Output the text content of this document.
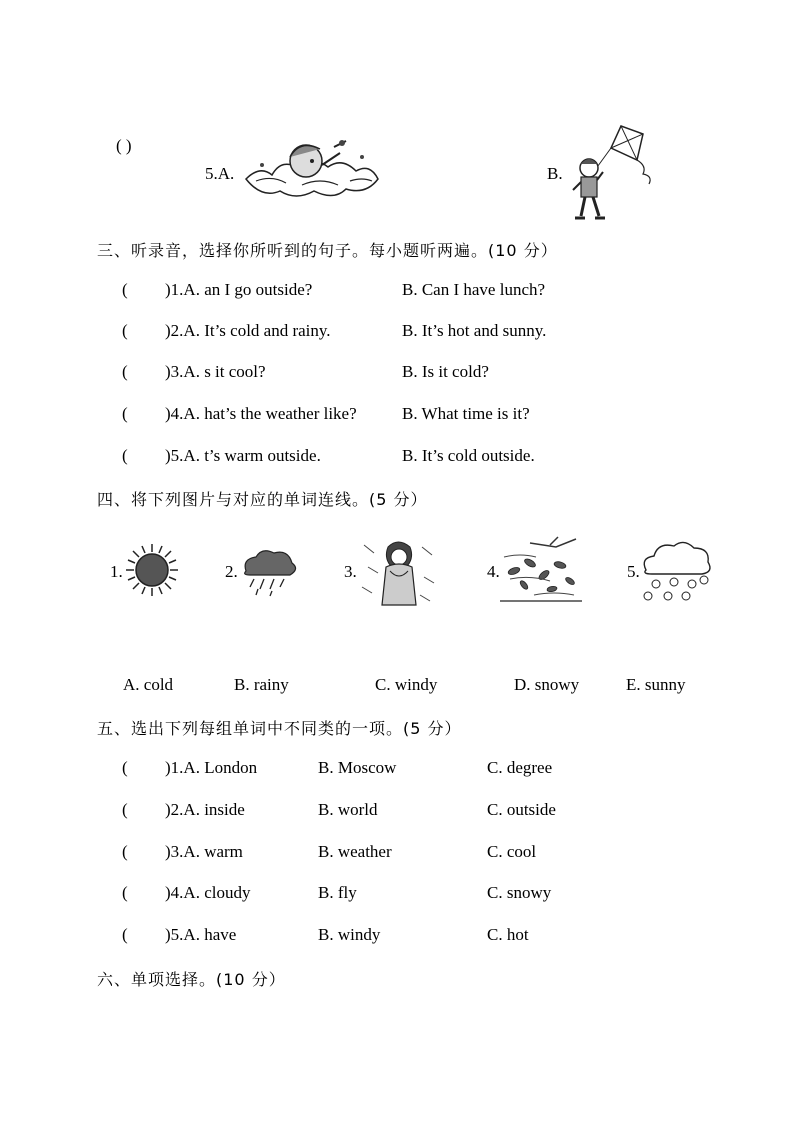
( )
5.A.	B.
三、听录音，选择你所听到的句子。每小题听两遍。(10 分）
( )1.A. an I go outside?	B. Can I have lunch?
( )2.A. It’s cold and rainy.	B. It’s hot and sunny.
( )3.A. s it cool?	B. Is it cold?
( )4.A. hat’s the weather like?	B. What time is it?
( )5.A. t’s warm outside.	B. It’s cold outside.
四、将下列图片与对应的单词连线。(5 分）
1.	2.	3.	4.	5.
A. cold	B. rainy	C. windy	D. snowy	E. sunny
五、选出下列每组单词中不同类的一项。(5 分）
( )1.A. London	B. Moscow	C. degree
( )2.A. inside	B. world	C. outside
( )3.A. warm	B. weather	C. cool
( )4.A. cloudy	B. fly	C. snowy
( )5.A. have	B. windy	C. hot
六、单项选择。(10 分）
